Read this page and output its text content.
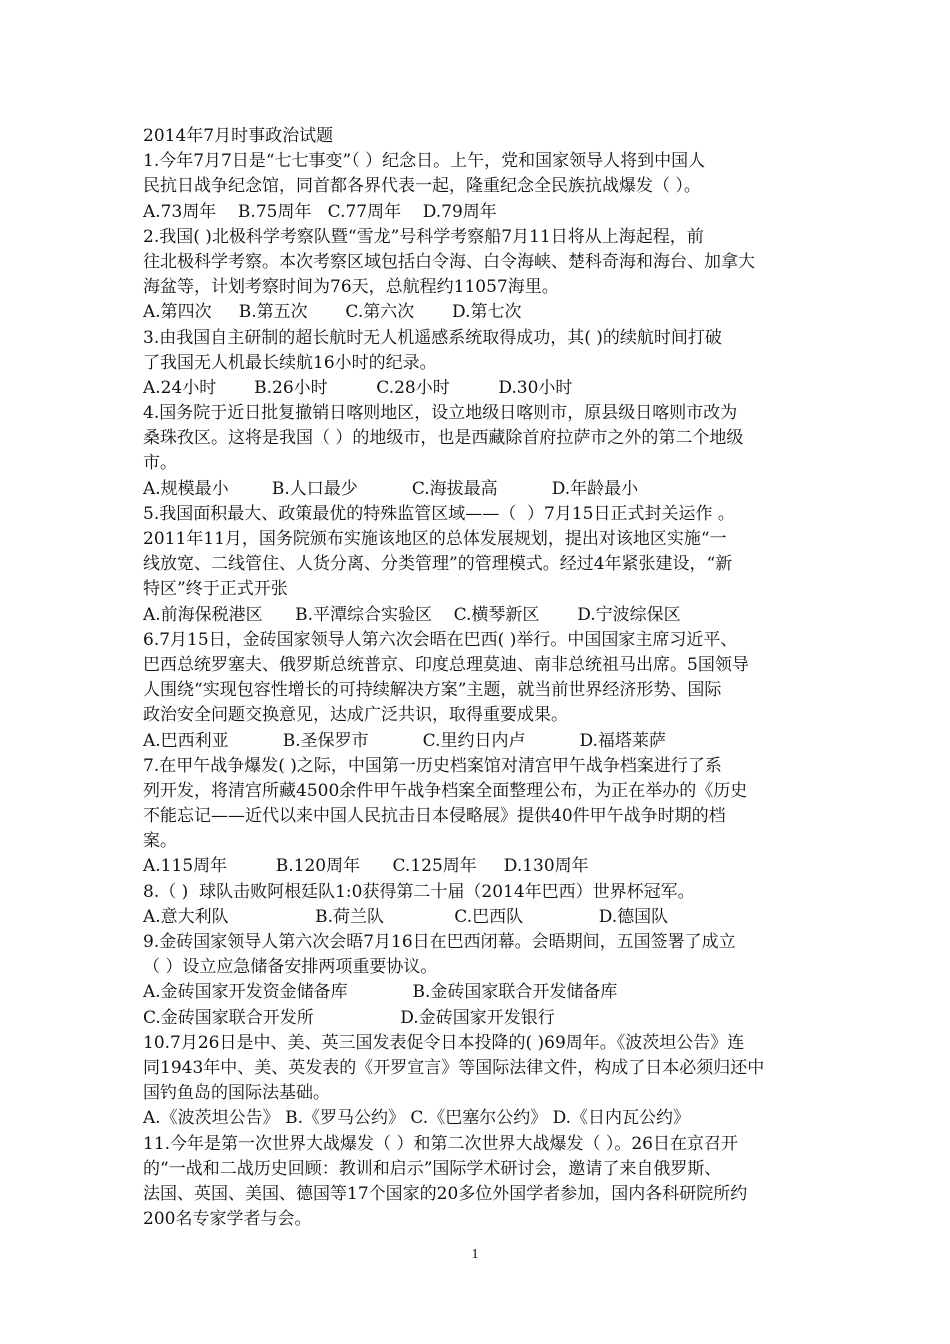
2014年7月时事政治试题
1.今年7月7日是“七七事变”（ ）纪念日。上午，党和国家领导人将到中国人
民抗日战争纪念馆，同首都各界代表一起，隆重纪念全民族抗战爆发（ ）。
A.73周年    B.75周年   C.77周年    D.79周年
2.我国( )北极科学考察队暨“雪龙”号科学考察船7月11日将从上海起程，前
往北极科学考察。本次考察区域包括白令海、白令海峡、楚科奇海和海台、加拿大
海盆等，计划考察时间为76天，总航程约11057海里。
A.第四次     B.第五次       C.第六次       D.第七次
3.由我国自主研制的超长航时无人机遥感系统取得成功，其( )的续航时间打破
了我国无人机最长续航16小时的纪录。
A.24小时       B.26小时         C.28小时         D.30小时
4.国务院于近日批复撤销日喀则地区，设立地级日喀则市，原县级日喀则市改为
桑珠孜区。这将是我国（ ）的地级市，也是西藏除首府拉萨市之外的第二个地级
市。
A.规模最小        B.人口最少          C.海拔最高          D.年龄最小
5.我国面积最大、政策最优的特殊监管区域——（  ）7月15日正式封关运作 。
2011年11月，国务院颁布实施该地区的总体发展规划，提出对该地区实施“一
线放宽、二线管住、人货分离、分类管理”的管理模式。经过4年紧张建设，“新
特区”终于正式开张
A.前海保税港区      B.平潭综合实验区    C.横琴新区       D.宁波综保区
6.7月15日，金砖国家领导人第六次会晤在巴西( )举行。中国国家主席习近平、
巴西总统罗塞夫、俄罗斯总统普京、印度总理莫迪、南非总统祖马出席。5国领导
人围绕“实现包容性增长的可持续解决方案”主题，就当前世界经济形势、国际
政治安全问题交换意见，达成广泛共识，取得重要成果。
A.巴西利亚          B.圣保罗市          C.里约日内卢          D.福塔莱萨
7.在甲午战争爆发( )之际，中国第一历史档案馆对清宫甲午战争档案进行了系
列开发，将清宫所藏4500余件甲午战争档案全面整理公布，为正在举办的《历史
不能忘记——近代以来中国人民抗击日本侵略展》提供40件甲午战争时期的档
案。
A.115周年         B.120周年      C.125周年     D.130周年
8.（ )  球队击败阿根廷队1:0获得第二十届（2014年巴西）世界杯冠军。
A.意大利队                B.荷兰队             C.巴西队              D.德国队
9.金砖国家领导人第六次会晤7月16日在巴西闭幕。会晤期间，五国签署了成立
（ ）设立应急储备安排两项重要协议。
A.金砖国家开发资金储备库            B.金砖国家联合开发储备库
C.金砖国家联合开发所                D.金砖国家开发银行
10.7月26日是中、美、英三国发表促令日本投降的( )69周年。《波茨坦公告》连
同1943年中、美、英发表的《开罗宣言》等国际法律文件，构成了日本必须归还中
国钓鱼岛的国际法基础。
A.《波茨坦公告》 B.《罗马公约》 C.《巴塞尔公约》 D.《日内瓦公约》
11.今年是第一次世界大战爆发（ ）和第二次世界大战爆发（ ）。26日在京召开
的“一战和二战历史回顾：教训和启示”国际学术研讨会，邀请了来自俄罗斯、
法国、英国、美国、德国等17个国家的20多位外国学者参加，国内各科研院所约
200名专家学者与会。
1
